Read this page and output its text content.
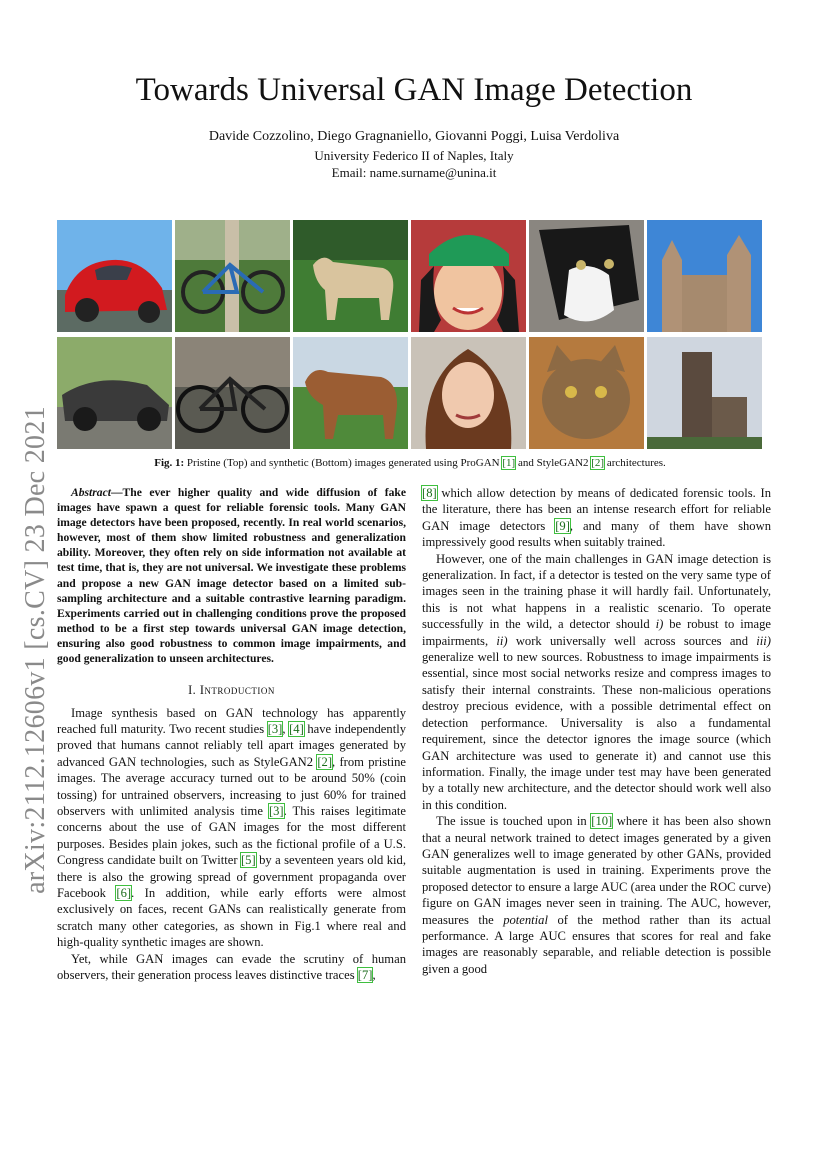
Towards Universal GAN Image Detection
Davide Cozzolino, Diego Gragnaniello, Giovanni Poggi, Luisa Verdoliva
University Federico II of Naples, Italy
Email: name.surname@unina.it
arXiv:2112.12606v1 [cs.CV] 23 Dec 2021	Fig. 1: Pristine (Top) and synthetic (Bottom) images generated using ProGAN [1] and StyleGAN2 [2] architectures.

Abstract—The ever higher quality and wide diffusion of fake images have spawn a quest for reliable forensic tools. Many GAN image detectors have been proposed, recently. In real world scenarios, however, most of them show limited robustness and generalization ability. Moreover, they often rely on side information not available at test time, that is, they are not universal. We investigate these problems and propose a new GAN image detector based on a limited sub-sampling architecture and a suitable contrastive learning paradigm. Experiments carried out in challenging conditions prove the proposed method to be a first step towards universal GAN image detection, ensuring also good robustness to common image impairments, and good generalization to unseen architectures.

I. Introduction

Image synthesis based on GAN technology has apparently reached full maturity. Two recent studies [3], [4] have independently proved that humans cannot reliably tell apart images generated by advanced GAN technologies, such as StyleGAN2 [2], from pristine images. The average accuracy turned out to be around 50% (coin tossing) for untrained observers, increasing to just 60% for trained observers with unlimited analysis time [3]. This raises legitimate concerns about the use of GAN images for the most different purposes. Besides plain jokes, such as the fictional profile of a U.S. Congress candidate built on Twitter [5] by a seventeen years old kid, there is also the growing spread of government propaganda over Facebook [6]. In addition, while early efforts were almost exclusively on faces, recent GANs can realistically generate from scratch many other categories, as shown in Fig.1 where real and high-quality synthetic images are shown.

Yet, while GAN images can evade the scrutiny of human observers, their generation process leaves distinctive traces [7],

[8] which allow detection by means of dedicated forensic tools. In the literature, there has been an intense research effort for reliable GAN image detectors [9], and many of them have shown impressively good results when suitably trained.

However, one of the main challenges in GAN image detection is generalization. In fact, if a detector is tested on the very same type of images seen in the training phase it will hardly fail. Unfortunately, this is not what happens in a realistic scenario. To operate successfully in the wild, a detector should i) be robust to image impairments, ii) work universally well across sources and iii) generalize well to new sources. Robustness to image impairments is essential, since most social networks resize and compress images to satisfy their internal constraints. These non-malicious operations destroy precious evidence, with a possible detrimental effect on detection performance. Universality is also a fundamental requirement, since the detector ignores the image source (which GAN architecture was used to generate it) and cannot use this information. Finally, the image under test may have been generated by a totally new architecture, and the detector should work well also in this condition.

The issue is touched upon in [10] where it has been also shown that a neural network trained to detect images generated by a given GAN generalizes well to image generated by other GANs, provided suitable augmentation is used in training. Experiments prove the proposed detector to ensure a large AUC (area under the ROC curve) figure on GAN images never seen in training. The AUC, however, measures the potential of the method rather than its actual performance. A large AUC ensures that scores for real and fake images are reasonably separable, and reliable detection is possible given a good
